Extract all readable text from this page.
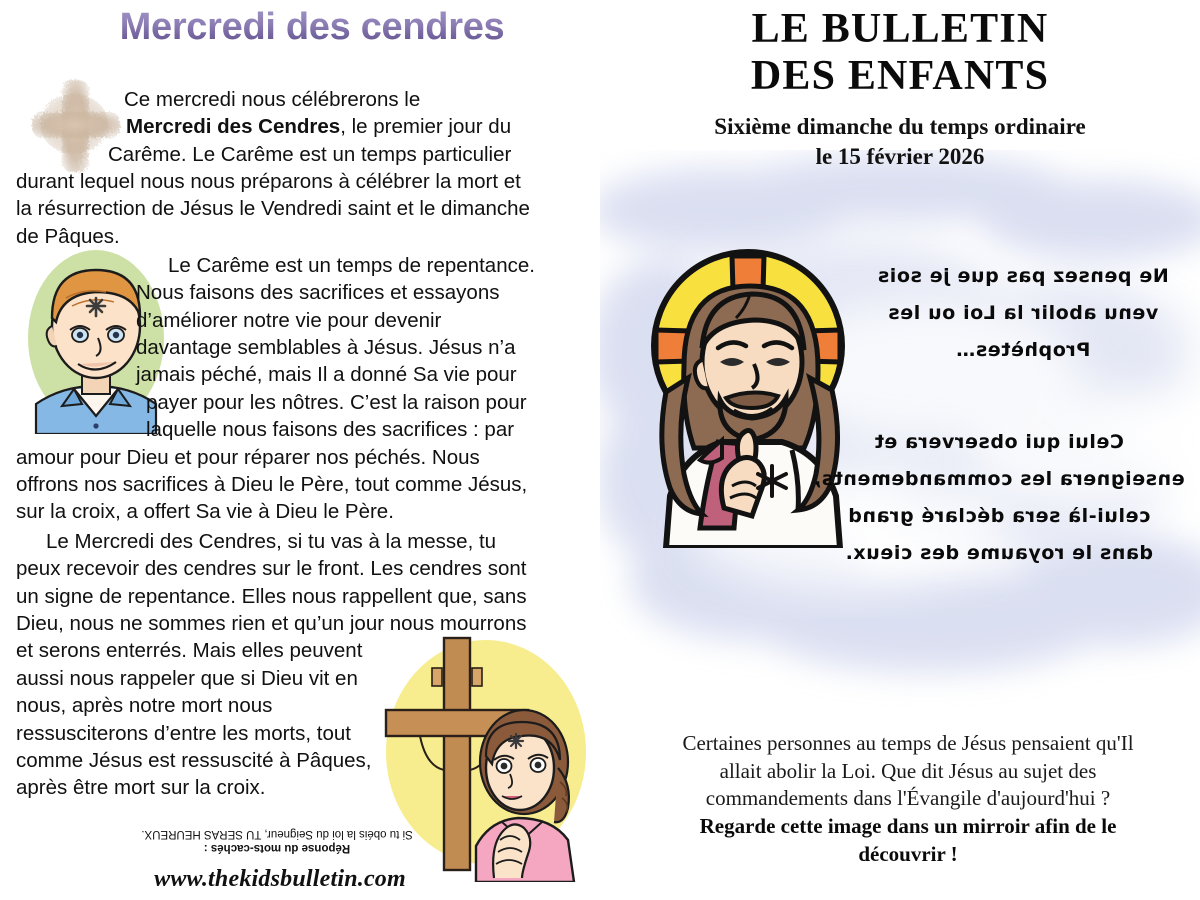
Mercredi des cendres
Ce mercredi nous célébrerons le
Mercredi des Cendres, le premier jour du
Carême. Le Carême est un temps particulier
durant lequel nous nous préparons à célébrer la mort et
la résurrection de Jésus le Vendredi saint et le dimanche
de Pâques.
Le Carême est un temps de repentance.
Nous faisons des sacrifices et essayons
d’améliorer notre vie pour devenir
davantage semblables à Jésus. Jésus n’a
jamais péché, mais Il a donné Sa vie pour
payer pour les nôtres. C’est la raison pour
laquelle nous faisons des sacrifices : par
amour pour Dieu et pour réparer nos péchés. Nous
offrons nos sacrifices à Dieu le Père, tout comme Jésus,
sur la croix, a offert Sa vie à Dieu le Père.
Le Mercredi des Cendres, si tu vas à la messe, tu
peux recevoir des cendres sur le front. Les cendres sont
un signe de repentance. Elles nous rappellent que, sans
Dieu, nous ne sommes rien et qu’un jour nous mourrons
et serons enterrés. Mais elles peuvent
aussi nous rappeler que si Dieu vit en
nous, après notre mort nous
ressusciterons d’entre les morts, tout
comme Jésus est ressuscité à Pâques,
après être mort sur la croix.
Réponse du mots-cachés :
Si tu obéis la loi du Seigneur, TU SERAS HEUREUX.
www.thekidsbulletin.com
LE BULLETIN
DES ENFANTS
Sixième dimanche du temps ordinaire
le 15 février 2026
Ne pensez pas que je sois
venu abolir la Loi ou les
Prophètes…
Celui qui observera et
enseignera les commandements,
celui-là sera déclaré grand
dans le royaume des cieux.
Certaines personnes au temps de Jésus pensaient qu'Il
allait abolir la Loi. Que dit Jésus au sujet des
commandements dans l'Évangile d'aujourd'hui ?
Regarde cette image dans un mirroir afin de le
découvrir !
